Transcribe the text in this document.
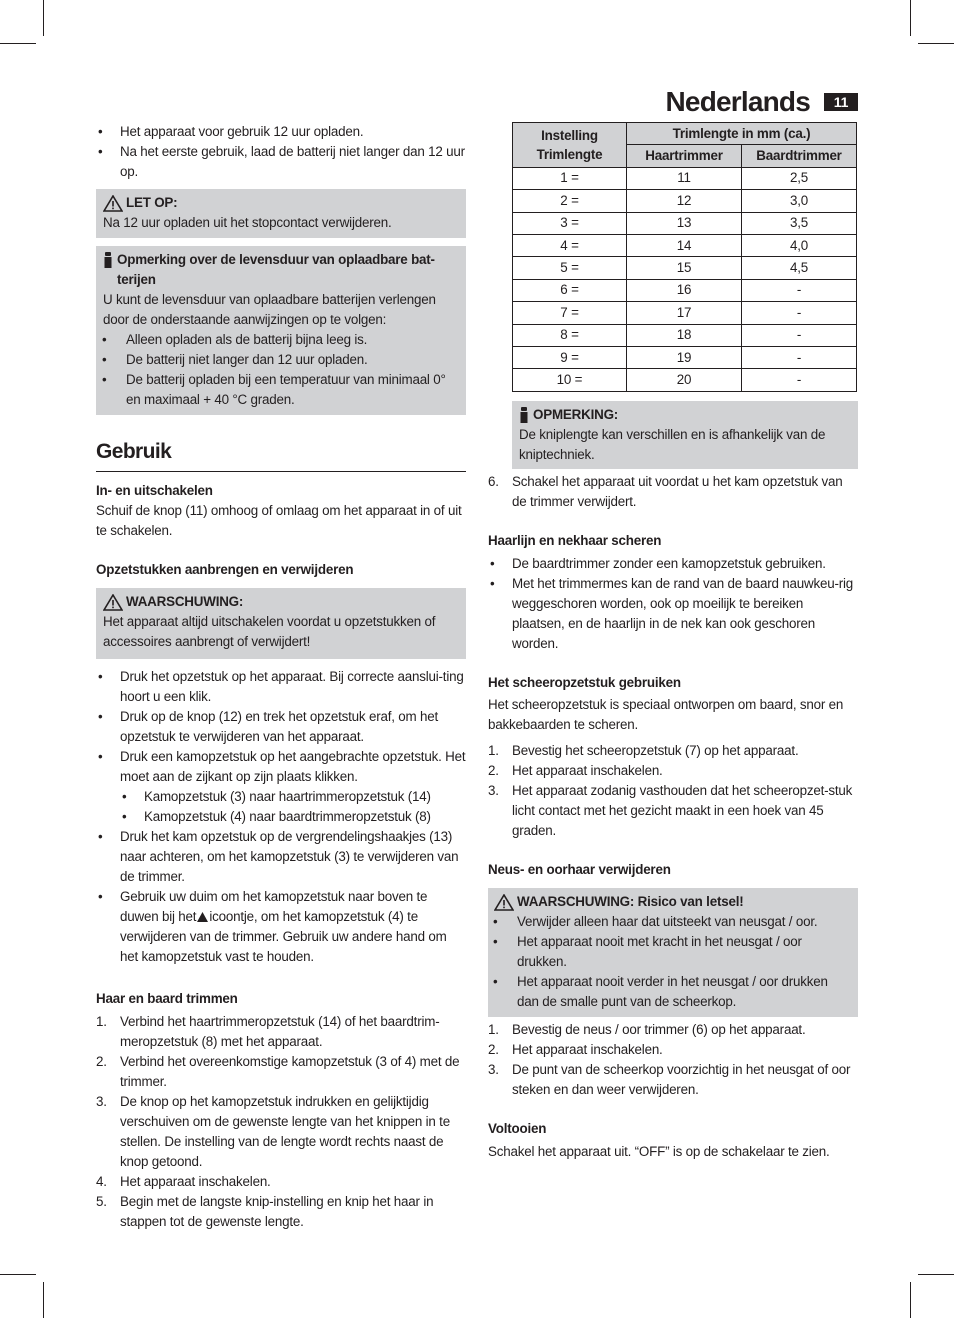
Nederlands	11
• Het apparaat voor gebruik 12 uur opladen.
• Na het eerste gebruik, laad de batterij niet langer dan 12 uur op.
LET OP:
Na 12 uur opladen uit het stopcontact verwijderen.
Opmerking over de levensduur van oplaadbare bat-terijen
U kunt de levensduur van oplaadbare batterijen verlengen door de onderstaande aanwijzingen op te volgen:
• Alleen opladen als de batterij bijna leeg is.
• De batterij niet langer dan 12 uur opladen.
• De batterij opladen bij een temperatuur van minimaal 0° en maximaal + 40 °C graden.
Gebruik
In- en uitschakelen
Schuif de knop (11) omhoog of omlaag om het apparaat in of uit te schakelen.
Opzetstukken aanbrengen en verwijderen
WAARSCHUWING:
Het apparaat altijd uitschakelen voordat u opzetstukken of accessoires aanbrengt of verwijdert!
• Druk het opzetstuk op het apparaat. Bij correcte aanslui-ting hoort u een klik.
• Druk op de knop (12) en trek het opzetstuk eraf, om het opzetstuk te verwijderen van het apparaat.
• Druk een kamopzetstuk op het aangebrachte opzetstuk. Het moet aan de zijkant op zijn plaats klikken.
• Kamopzetstuk (3) naar haartrimmeropzetstuk (14)
• Kamopzetstuk (4) naar baardtrimmeropzetstuk (8)
• Druk het kam opzetstuk op de vergrendelingshaakjes (13) naar achteren, om het kamopzetstuk (3) te verwijderen van de trimmer.
• Gebruik uw duim om het kamopzetstuk naar boven te duwen bij het icoontje, om het kamopzetstuk (4) te verwijderen van de trimmer. Gebruik uw andere hand om het kamopzetstuk vast te houden.
Haar en baard trimmen
1. Verbind het haartrimmeropzetstuk (14) of het baardtrim-meropzetstuk (8) met het apparaat.
2. Verbind het overeenkomstige kamopzetstuk (3 of 4) met de trimmer.
3. De knop op het kamopzetstuk indrukken en gelijktijdig verschuiven om de gewenste lengte van het knippen in te stellen. De instelling van de lengte wordt rechts naast de knop getoond.
4. Het apparaat inschakelen.
5. Begin met de langste knip-instelling en knip het haar in stappen tot de gewenste lengte.
Instelling Trimlengte	Trimlengte in mm (ca.)	
	Haartrimmer	Baardtrimmer
1 =	11	2,5
2 =	12	3,0
3 =	13	3,5
4 =	14	4,0
5 =	15	4,5
6 =	16	-
7 =	17	-
8 =	18	-
9 =	19	-
10 =	20	-
OPMERKING:
De kniplengte kan verschillen en is afhankelijk van de kniptechniek.
6. Schakel het apparaat uit voordat u het kam opzetstuk van de trimmer verwijdert.
Haarlijn en nekhaar scheren
• De baardtrimmer zonder een kamopzetstuk gebruiken.
• Met het trimmermes kan de rand van de baard nauwkeu-rig weggeschoren worden, ook op moeilijk te bereiken plaatsen, en de haarlijn in de nek kan ook geschoren worden.
Het scheeropzetstuk gebruiken
Het scheeropzetstuk is speciaal ontworpen om baard, snor en bakkebaarden te scheren.
1. Bevestig het scheeropzetstuk (7) op het apparaat.
2. Het apparaat inschakelen.
3. Het apparaat zodanig vasthouden dat het scheeropzet-stuk licht contact met het gezicht maakt in een hoek van 45 graden.
Neus- en oorhaar verwijderen
WAARSCHUWING: Risico van letsel!
• Verwijder alleen haar dat uitsteekt van neusgat / oor.
• Het apparaat nooit met kracht in het neusgat / oor drukken.
• Het apparaat nooit verder in het neusgat / oor drukken dan de smalle punt van de scheerkop.
1. Bevestig de neus / oor trimmer (6) op het apparaat.
2. Het apparaat inschakelen.
3. De punt van de scheerkop voorzichtig in het neusgat of oor steken en dan weer verwijderen.
Voltooien
Schakel het apparaat uit. “OFF” is op de schakelaar te zien.
